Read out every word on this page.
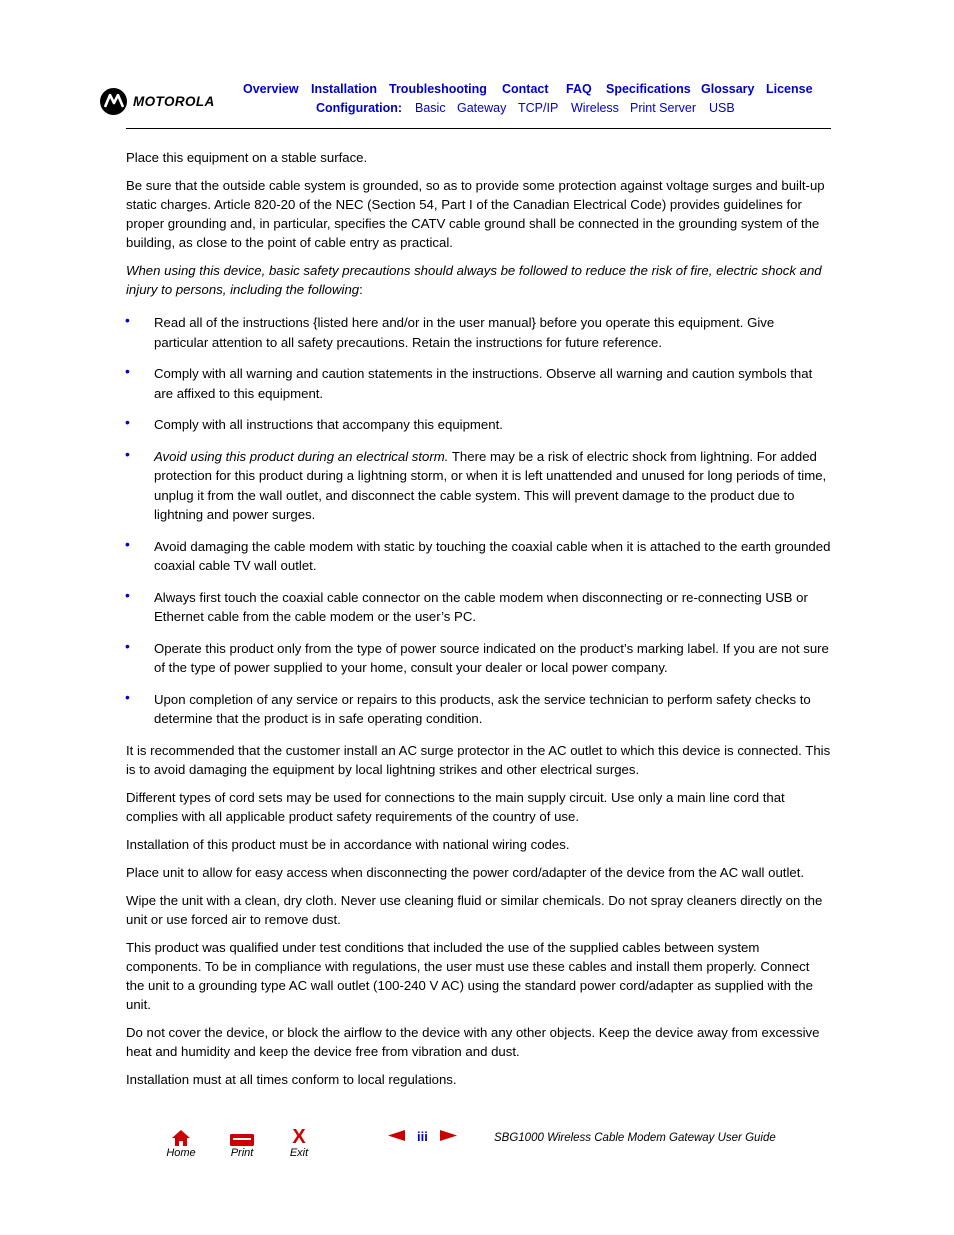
MOTOROLA
Overview Installation Troubleshooting Contact FAQ Specifications Glossary License
Configuration: Basic Gateway TCP/IP Wireless Print Server USB

Place this equipment on a stable surface.

Be sure that the outside cable system is grounded, so as to provide some protection against voltage surges and built-up static charges. Article 820-20 of the NEC (Section 54, Part I of the Canadian Electrical Code) provides guidelines for proper grounding and, in particular, specifies the CATV cable ground shall be connected in the grounding system of the building, as close to the point of cable entry as practical.

When using this device, basic safety precautions should always be followed to reduce the risk of fire, electric shock and injury to persons, including the following:

• Read all of the instructions {listed here and/or in the user manual} before you operate this equipment. Give particular attention to all safety precautions. Retain the instructions for future reference.
• Comply with all warning and caution statements in the instructions. Observe all warning and caution symbols that are affixed to this equipment.
• Comply with all instructions that accompany this equipment.
• Avoid using this product during an electrical storm. There may be a risk of electric shock from lightning. For added protection for this product during a lightning storm, or when it is left unattended and unused for long periods of time, unplug it from the wall outlet, and disconnect the cable system. This will prevent damage to the product due to lightning and power surges.
• Avoid damaging the cable modem with static by touching the coaxial cable when it is attached to the earth grounded coaxial cable TV wall outlet.
• Always first touch the coaxial cable connector on the cable modem when disconnecting or re-connecting USB or Ethernet cable from the cable modem or the user’s PC.
• Operate this product only from the type of power source indicated on the product’s marking label. If you are not sure of the type of power supplied to your home, consult your dealer or local power company.
• Upon completion of any service or repairs to this products, ask the service technician to perform safety checks to determine that the product is in safe operating condition.

It is recommended that the customer install an AC surge protector in the AC outlet to which this device is connected. This is to avoid damaging the equipment by local lightning strikes and other electrical surges.

Different types of cord sets may be used for connections to the main supply circuit. Use only a main line cord that complies with all applicable product safety requirements of the country of use.

Installation of this product must be in accordance with national wiring codes.

Place unit to allow for easy access when disconnecting the power cord/adapter of the device from the AC wall outlet.

Wipe the unit with a clean, dry cloth. Never use cleaning fluid or similar chemicals. Do not spray cleaners directly on the unit or use forced air to remove dust.

This product was qualified under test conditions that included the use of the supplied cables between system components. To be in compliance with regulations, the user must use these cables and install them properly. Connect the unit to a grounding type AC wall outlet (100-240 V AC) using the standard power cord/adapter as supplied with the unit.

Do not cover the device, or block the airflow to the device with any other objects. Keep the device away from excessive heat and humidity and keep the device free from vibration and dust.

Installation must at all times conform to local regulations.

Home	Print
X
Exit
iii	SBG1000 Wireless Cable Modem Gateway User Guide
